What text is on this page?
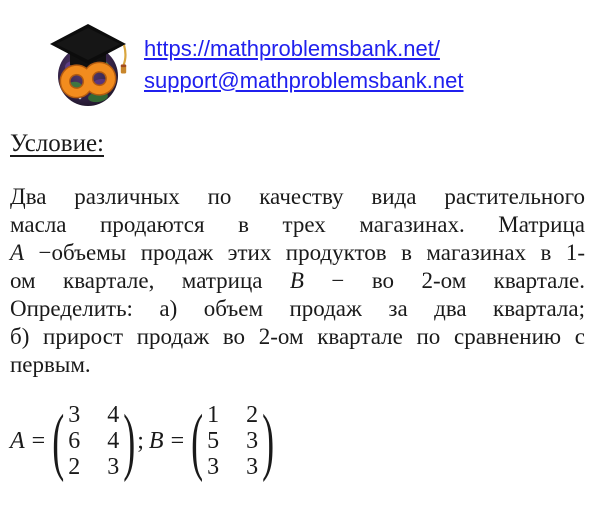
https://mathproblemsbank.net/
support@mathproblemsbank.net
Условие:
Два различных по качеству вида растительного
масла продаются в трех магазинах. Матрица
A −объемы продаж этих продуктов в магазинах в 1-
ом квартале, матрица B − во 2-ом квартале.
Определить: а) объем продаж за два квартала;
б) прирост продаж во 2-ом квартале по сравнению с
первым.
A = ( 3 4
6 4
2 3 ) ; B = ( 1 2
5 3
3 3 )
